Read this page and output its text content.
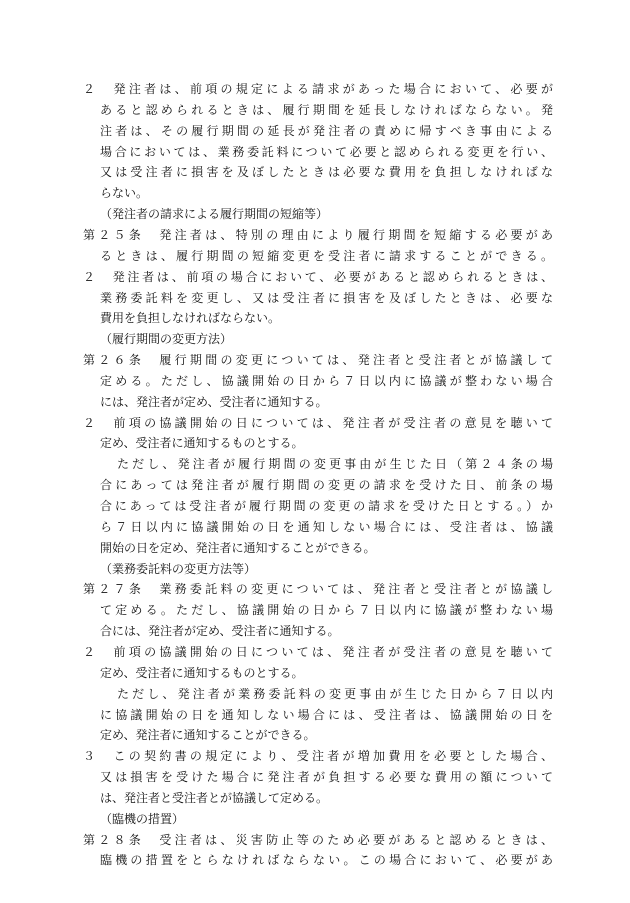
２　発注者は、前項の規定による請求があった場合において、必要が
あると認められるときは、履行期間を延長しなければならない。発
注者は、その履行期間の延長が発注者の責めに帰すべき事由による
場合においては、業務委託料について必要と認められる変更を行い、
又は受注者に損害を及ぼしたときは必要な費用を負担しなければな
らない。
（発注者の請求による履行期間の短縮等）
第２５条　発注者は、特別の理由により履行期間を短縮する必要があ
るときは、履行期間の短縮変更を受注者に請求することができる。
２　発注者は、前項の場合において、必要があると認められるときは、
業務委託料を変更し、又は受注者に損害を及ぼしたときは、必要な
費用を負担しなければならない。
（履行期間の変更方法）
第２６条　履行期間の変更については、発注者と受注者とが協議して
定める。ただし、協議開始の日から７日以内に協議が整わない場合
には、発注者が定め、受注者に通知する。
２　前項の協議開始の日については、発注者が受注者の意見を聴いて
定め、受注者に通知するものとする。
ただし、発注者が履行期間の変更事由が生じた日（第２４条の場
合にあっては発注者が履行期間の変更の請求を受けた日、前条の場
合にあっては受注者が履行期間の変更の請求を受けた日とする。）か
ら７日以内に協議開始の日を通知しない場合には、受注者は、協議
開始の日を定め、発注者に通知することができる。
（業務委託料の変更方法等）
第２７条　業務委託料の変更については、発注者と受注者とが協議し
て定める。ただし、協議開始の日から７日以内に協議が整わない場
合には、発注者が定め、受注者に通知する。
２　前項の協議開始の日については、発注者が受注者の意見を聴いて
定め、受注者に通知するものとする。
ただし、発注者が業務委託料の変更事由が生じた日から７日以内
に協議開始の日を通知しない場合には、受注者は、協議開始の日を
定め、発注者に通知することができる。
３　この契約書の規定により、受注者が増加費用を必要とした場合、
又は損害を受けた場合に発注者が負担する必要な費用の額について
は、発注者と受注者とが協議して定める。
（臨機の措置）
第２８条　受注者は、災害防止等のため必要があると認めるときは、
臨機の措置をとらなければならない。この場合において、必要があ
